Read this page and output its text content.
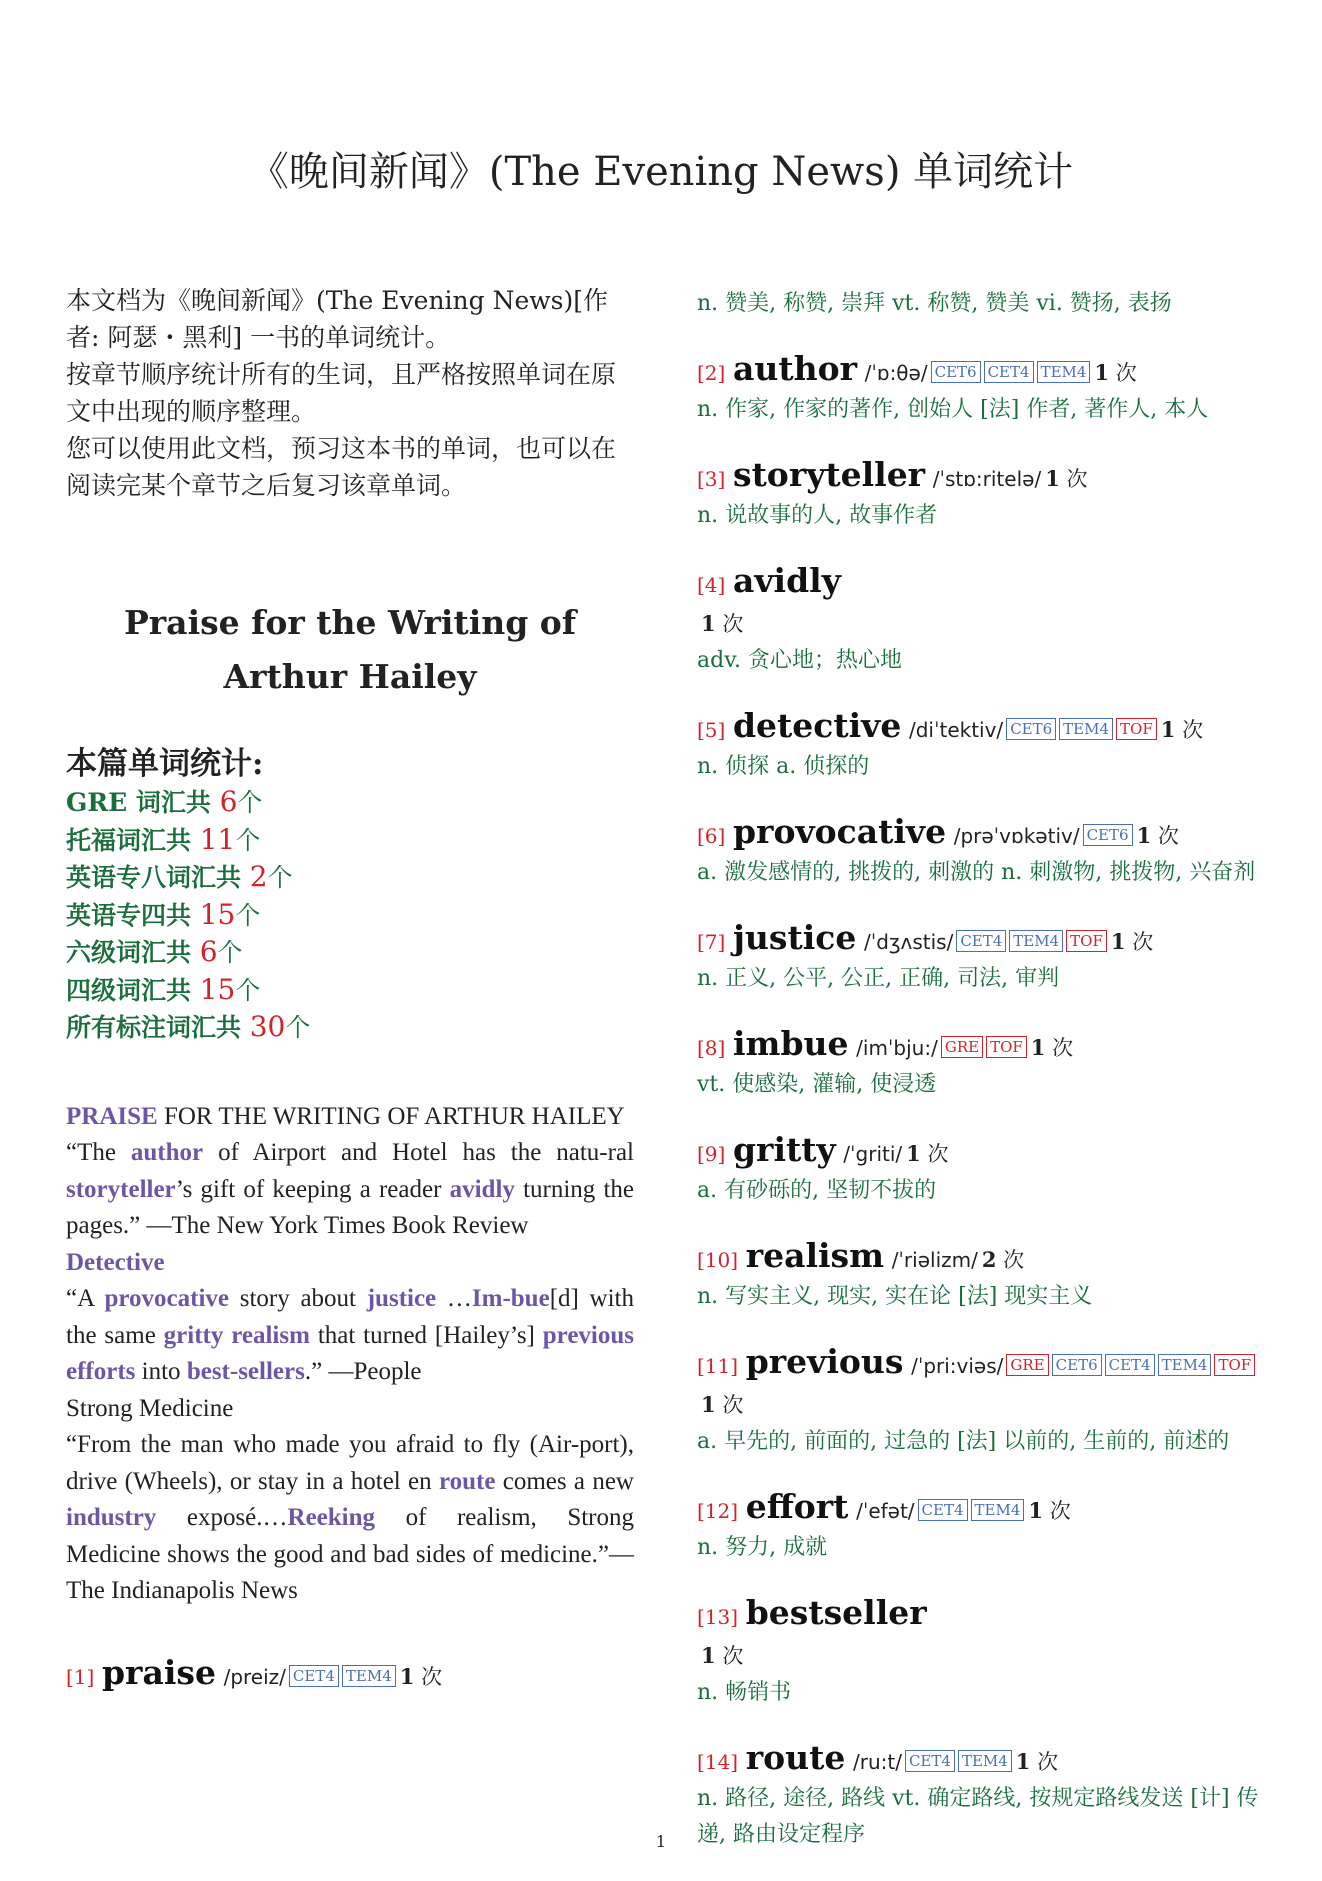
《晚间新闻》(The Evening News) 单词统计

本文档为《晚间新闻》(The Evening News)[作者: 阿瑟・黑利] 一书的单词统计。

按章节顺序统计所有的生词，且严格按照单词在原文中出现的顺序整理。

您可以使用此文档，预习这本书的单词，也可以在阅读完某个章节之后复习该章单词。

Praise for the Writing of Arthur Hailey
本篇单词统计:
GRE 词汇共 6个
托福词汇共 11个
英语专八词汇共 2个
英语专四共 15个
六级词汇共 6个
四级词汇共 15个
所有标注词汇共 30个

PRAISE FOR THE WRITING OF ARTHUR HAILEY

“The author of Airport and Hotel has the natu-ral storyteller’s gift of keeping a reader avidly turning the pages.” —The New York Times Book Review

Detective

“A provocative story about justice …Im-bue[d] with the same gritty realism that turned [Hailey’s] previous efforts into best-sellers.” —People

Strong Medicine

“From the man who made you afraid to fly (Air-port), drive (Wheels), or stay in a hotel en route comes a new industry exposé.…Reeking of realism, Strong Medicine shows the good and bad sides of medicine.”—The Indianapolis News

[1] praise /preiz/ CET4 TEM4 1 次
n. 赞美, 称赞, 崇拜 vt. 称赞, 赞美 vi. 赞扬, 表扬
[2] author /ˈɒ:θə/ CET6 CET4 TEM4 1 次
n. 作家, 作家的著作, 创始人 [法] 作者, 著作人, 本人
[3] storyteller /ˈstɒ:ritelə/ 1 次
n. 说故事的人, 故事作者
[4] avidly
1 次
adv. 贪心地；热心地
[5] detective /diˈtektiv/ CET6 TEM4 TOF 1 次
n. 侦探 a. 侦探的
[6] provocative /prəˈvɒkətiv/ CET6 1 次
a. 激发感情的, 挑拨的, 刺激的 n. 刺激物, 挑拨物, 兴奋剂
[7] justice /ˈdʒʌstis/ CET4 TEM4 TOF 1 次
n. 正义, 公平, 公正, 正确, 司法, 审判
[8] imbue /imˈbju:/ GRE TOF 1 次
vt. 使感染, 灌输, 使浸透
[9] gritty /ˈgriti/ 1 次
a. 有砂砾的, 坚韧不拔的
[10] realism /ˈriəlizm/ 2 次
n. 写实主义, 现实, 实在论 [法] 现实主义
[11] previous /ˈpri:viəs/ GRE CET6 CET4 TEM4 TOF1 次
a. 早先的, 前面的, 过急的 [法] 以前的, 生前的, 前述的
[12] effort /ˈefət/ CET4 TEM4 1 次
n. 努力, 成就
[13] bestseller
1 次
n. 畅销书
[14] route /ru:t/ CET4 TEM4 1 次
n. 路径, 途径, 路线 vt. 确定路线, 按规定路线发送 [计] 传递, 路由设定程序
1
